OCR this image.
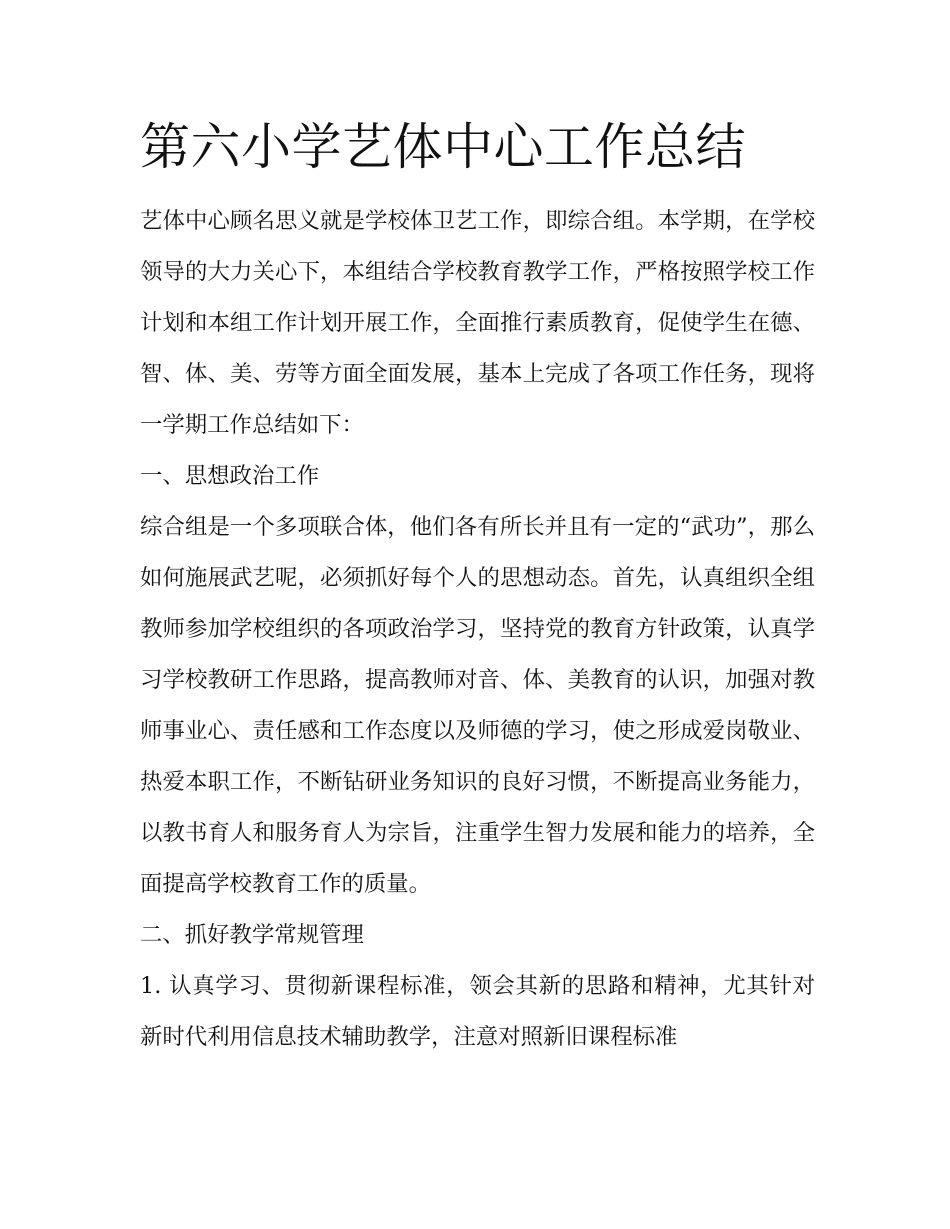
第六小学艺体中心工作总结

艺体中心顾名思义就是学校体卫艺工作，即综合组。本学期，在学校领导的大力关心下，本组结合学校教育教学工作，严格按照学校工作计划和本组工作计划开展工作，全面推行素质教育，促使学生在德、智、体、美、劳等方面全面发展，基本上完成了各项工作任务，现将一学期工作总结如下：

一、思想政治工作

综合组是一个多项联合体，他们各有所长并且有一定的“武功”，那么如何施展武艺呢，必须抓好每个人的思想动态。首先，认真组织全组教师参加学校组织的各项政治学习，坚持党的教育方针政策，认真学习学校教研工作思路，提高教师对音、体、美教育的认识，加强对教师事业心、责任感和工作态度以及师德的学习，使之形成爱岗敬业、热爱本职工作，不断钻研业务知识的良好习惯，不断提高业务能力，以教书育人和服务育人为宗旨，注重学生智力发展和能力的培养，全面提高学校教育工作的质量。

二、抓好教学常规管理

1. 认真学习、贯彻新课程标准，领会其新的思路和精神，尤其针对新时代利用信息技术辅助教学，注意对照新旧课程标准
